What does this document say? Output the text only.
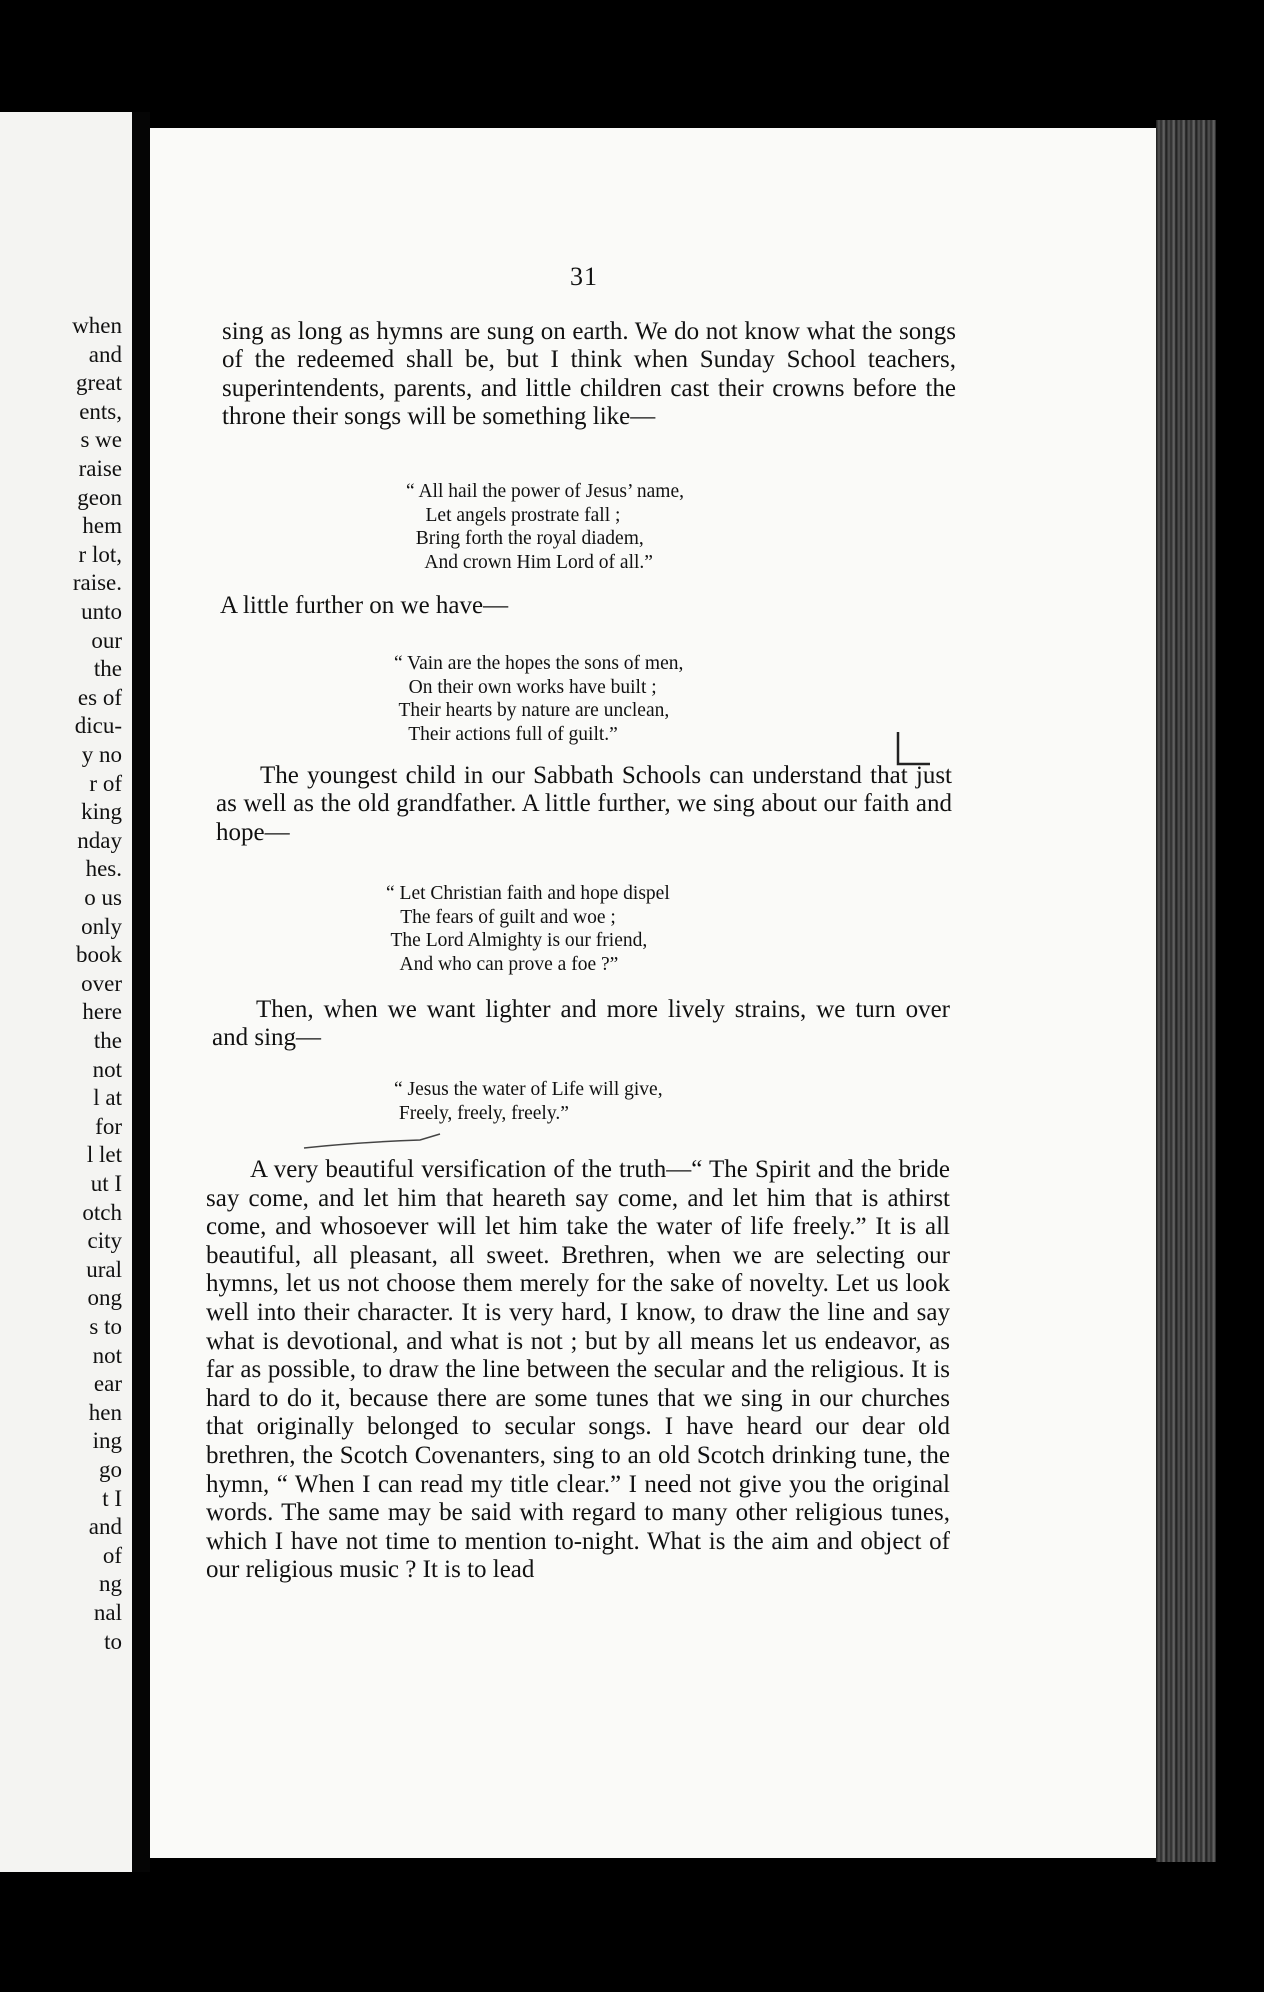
when
and
great
ents,
s we
raise
geon
hem
r lot,
raise.
unto
our
the
es of
dicu-
y no
r of
king
nday
hes.
o us
only
book
over
here
the
not
l at
for
l let
ut I
otch
city
ural
ong
s to
not
ear
hen
ing
go
t I
and
of
ng
nal
to
31

sing as long as hymns are sung on earth. We do not know what the songs of the redeemed shall be, but I think when Sunday School teachers, superintendents, parents, and little children cast their crowns before the throne their songs will be something like—

“ All hail the power of Jesus’ name,
Let angels prostrate fall ;
Bring forth the royal diadem,
And crown Him Lord of all.”

A little further on we have—

“ Vain are the hopes the sons of men,
On their own works have built ;
Their hearts by nature are unclean,
Their actions full of guilt.”

The youngest child in our Sabbath Schools can understand that just as well as the old grandfather. A little further, we sing about our faith and hope—

“ Let Christian faith and hope dispel
The fears of guilt and woe ;
The Lord Almighty is our friend,
And who can prove a foe ?”

Then, when we want lighter and more lively strains, we turn over and sing—

“ Jesus the water of Life will give,
Freely, freely, freely.”

A very beautiful versification of the truth—“ The Spirit and the bride say come, and let him that heareth say come, and let him that is athirst come, and whosoever will let him take the water of life freely.” It is all beautiful, all pleasant, all sweet. Brethren, when we are selecting our hymns, let us not choose them merely for the sake of novelty. Let us look well into their character. It is very hard, I know, to draw the line and say what is devotional, and what is not ; but by all means let us endeavor, as far as possible, to draw the line between the secular and the religious. It is hard to do it, because there are some tunes that we sing in our churches that originally belonged to secular songs. I have heard our dear old brethren, the Scotch Covenanters, sing to an old Scotch drinking tune, the hymn, “ When I can read my title clear.” I need not give you the original words. The same may be said with regard to many other religious tunes, which I have not time to mention to-night. What is the aim and object of our religious music ? It is to lead
